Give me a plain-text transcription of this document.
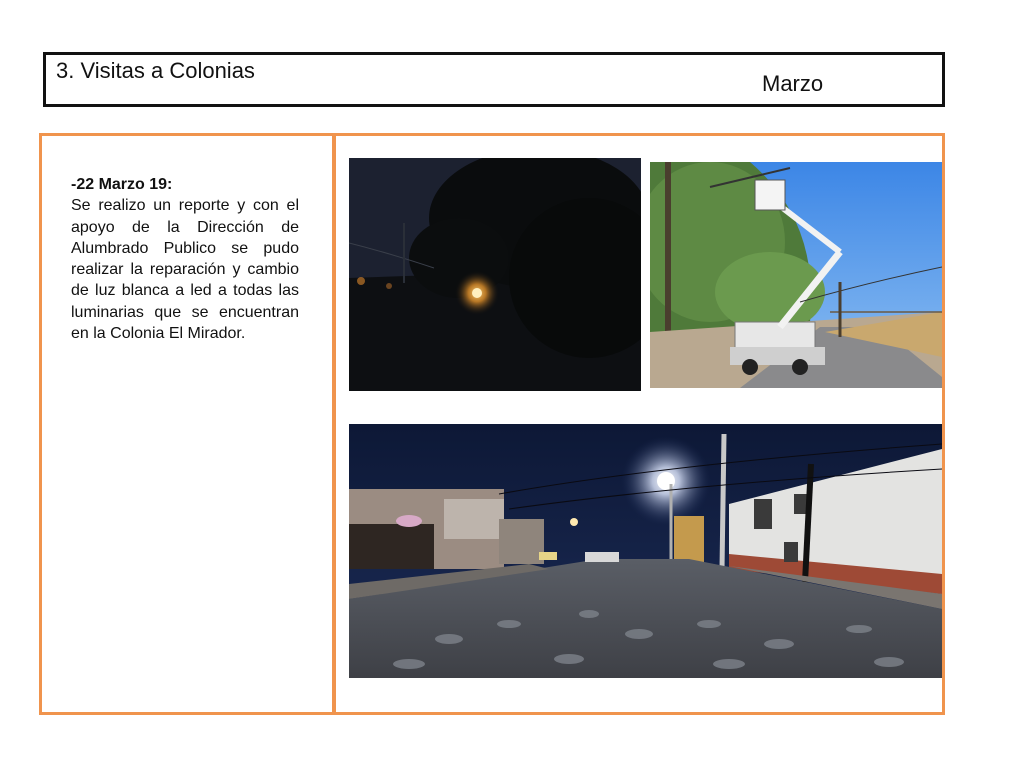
3. Visitas a Colonias
Marzo
-22 Marzo 19:
Se realizo un reporte y con el apoyo de la Dirección de Alumbrado Publico se pudo realizar la reparación y cambio de luz blanca a led a todas las luminarias que se encuentran en la Colonia El Mirador.
